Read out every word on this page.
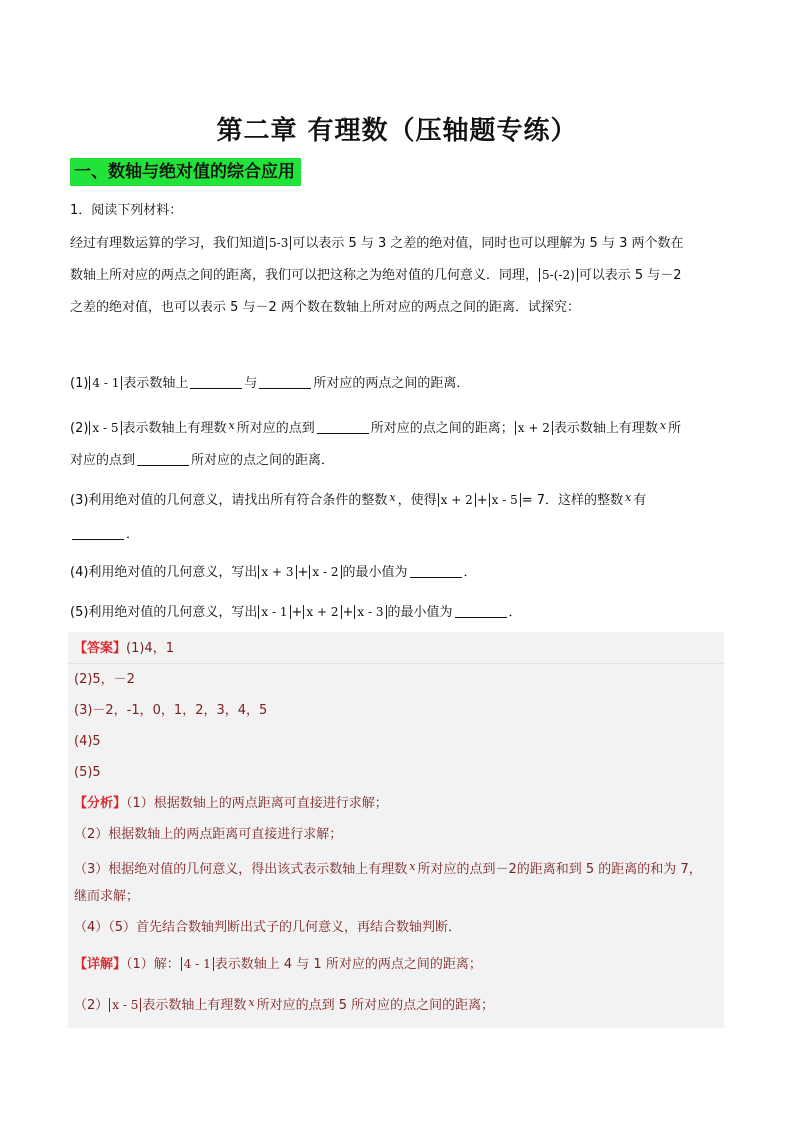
第二章 有理数（压轴题专练）
一、数轴与绝对值的综合应用
1．阅读下列材料：
经过有理数运算的学习，我们知道 5-3 可以表示 5 与 3 之差的绝对值，同时也可以理解为 5 与 3 两个数在
数轴上所对应的两点之间的距离，我们可以把这称之为绝对值的几何意义．同理， 5-(-2) 可以表示 5 与－2
之差的绝对值，也可以表示 5 与－2 两个数在数轴上所对应的两点之间的距离．试探究：
(1) 4 - 1 表示数轴上	与	所对应的两点之间的距离．
(2) x - 5 表示数轴上有理数 $^x$ 所对应的点到	所对应的点之间的距离； x + 2 表示数轴上有理数 $^x$ 所
对应的点到	所对应的点之间的距离．
(3)利用绝对值的几何意义，请找出所有符合条件的整数 $^x$ ，使得 x + 2 + x - 5 = 7．这样的整数 $^x$ 有
．
(4)利用绝对值的几何意义，写出 x + 3 + x - 2 的最小值为	．
(5)利用绝对值的几何意义，写出 x - 1 + x + 2 + x - 3 的最小值为	．
【答案】(1)4，1
(2)5，－2
(3)－2，-1，0，1，2，3，4，5
(4)5
(5)5
【分析】（1）根据数轴上的两点距离可直接进行求解；
（2）根据数轴上的两点距离可直接进行求解；
（3）根据绝对值的几何意义，得出该式表示数轴上有理数 $^x$ 所对应的点到－2的距离和到 5 的距离的和为 7，
继而求解；
（4）（5）首先结合数轴判断出式子的几何意义，再结合数轴判断．
【详解】（1）解： 4 - 1 表示数轴上 4 与 1 所对应的两点之间的距离；
（2） x - 5 表示数轴上有理数 $^x$ 所对应的点到 5 所对应的点之间的距离；
